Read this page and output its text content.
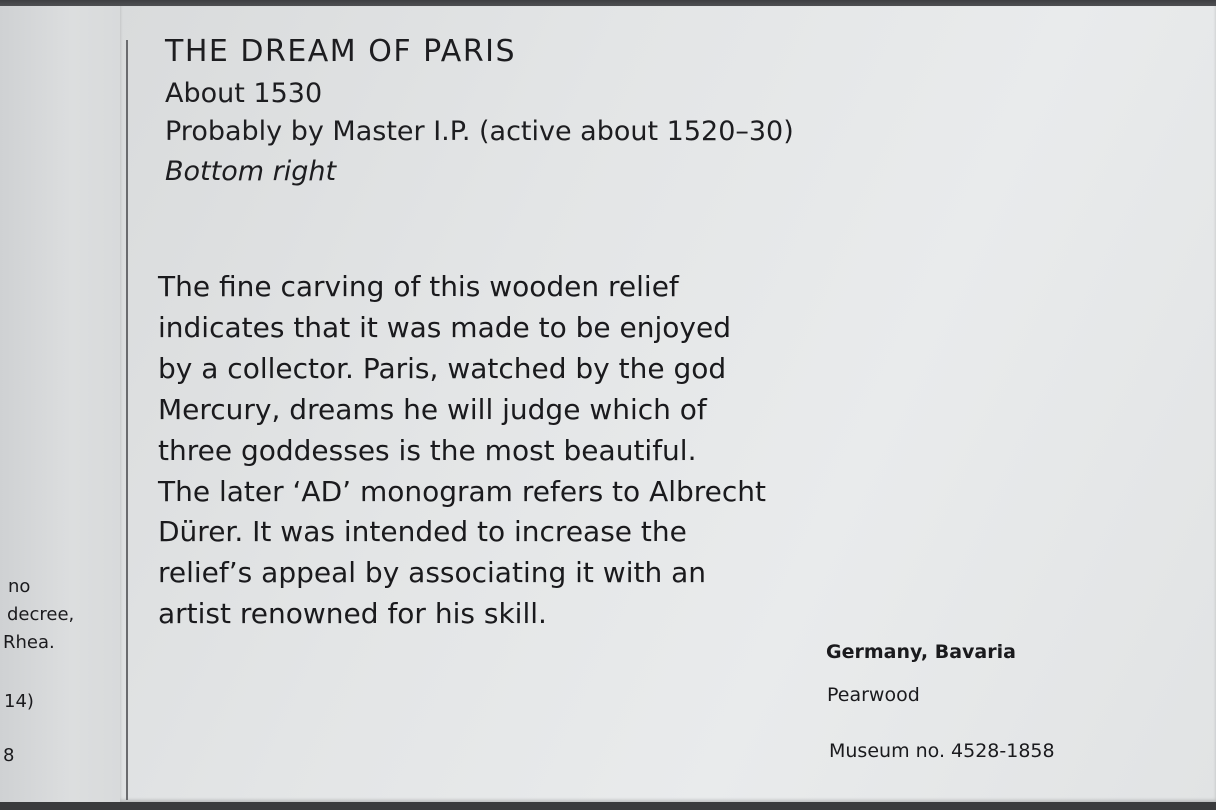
THE DREAM OF PARIS

About 1530

Probably by Master I.P. (active about 1520–30)

Bottom right

The fine carving of this wooden relief
indicates that it was made to be enjoyed
by a collector. Paris, watched by the god
Mercury, dreams he will judge which of
three goddesses is the most beautiful.
The later ‘AD’ monogram refers to Albrecht
Dürer. It was intended to increase the
relief’s appeal by associating it with an
artist renowned for his skill.

Germany, Bavaria

Pearwood

Museum no. 4528-1858

no

decree,

Rhea.

14)

8
